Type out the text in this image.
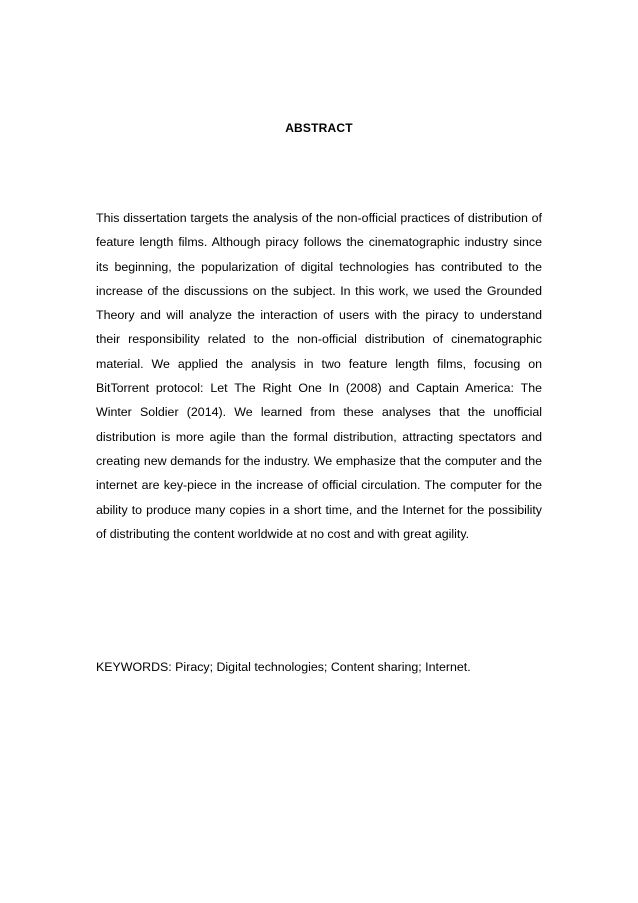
ABSTRACT

This dissertation targets the analysis of the non-official practices of distribution of feature length films. Although piracy follows the cinematographic industry since its beginning, the popularization of digital technologies has contributed to the increase of the discussions on the subject. In this work, we used the Grounded Theory and will analyze the interaction of users with the piracy to understand their responsibility related to the non-official distribution of cinematographic material. We applied the analysis in two feature length films, focusing on BitTorrent protocol: Let The Right One In (2008) and Captain America: The Winter Soldier (2014). We learned from these analyses that the unofficial distribution is more agile than the formal distribution, attracting spectators and creating new demands for the industry. We emphasize that the computer and the internet are key-piece in the increase of official circulation. The computer for the ability to produce many copies in a short time, and the Internet for the possibility of distributing the content worldwide at no cost and with great agility.

KEYWORDS: Piracy; Digital technologies; Content sharing; Internet.
